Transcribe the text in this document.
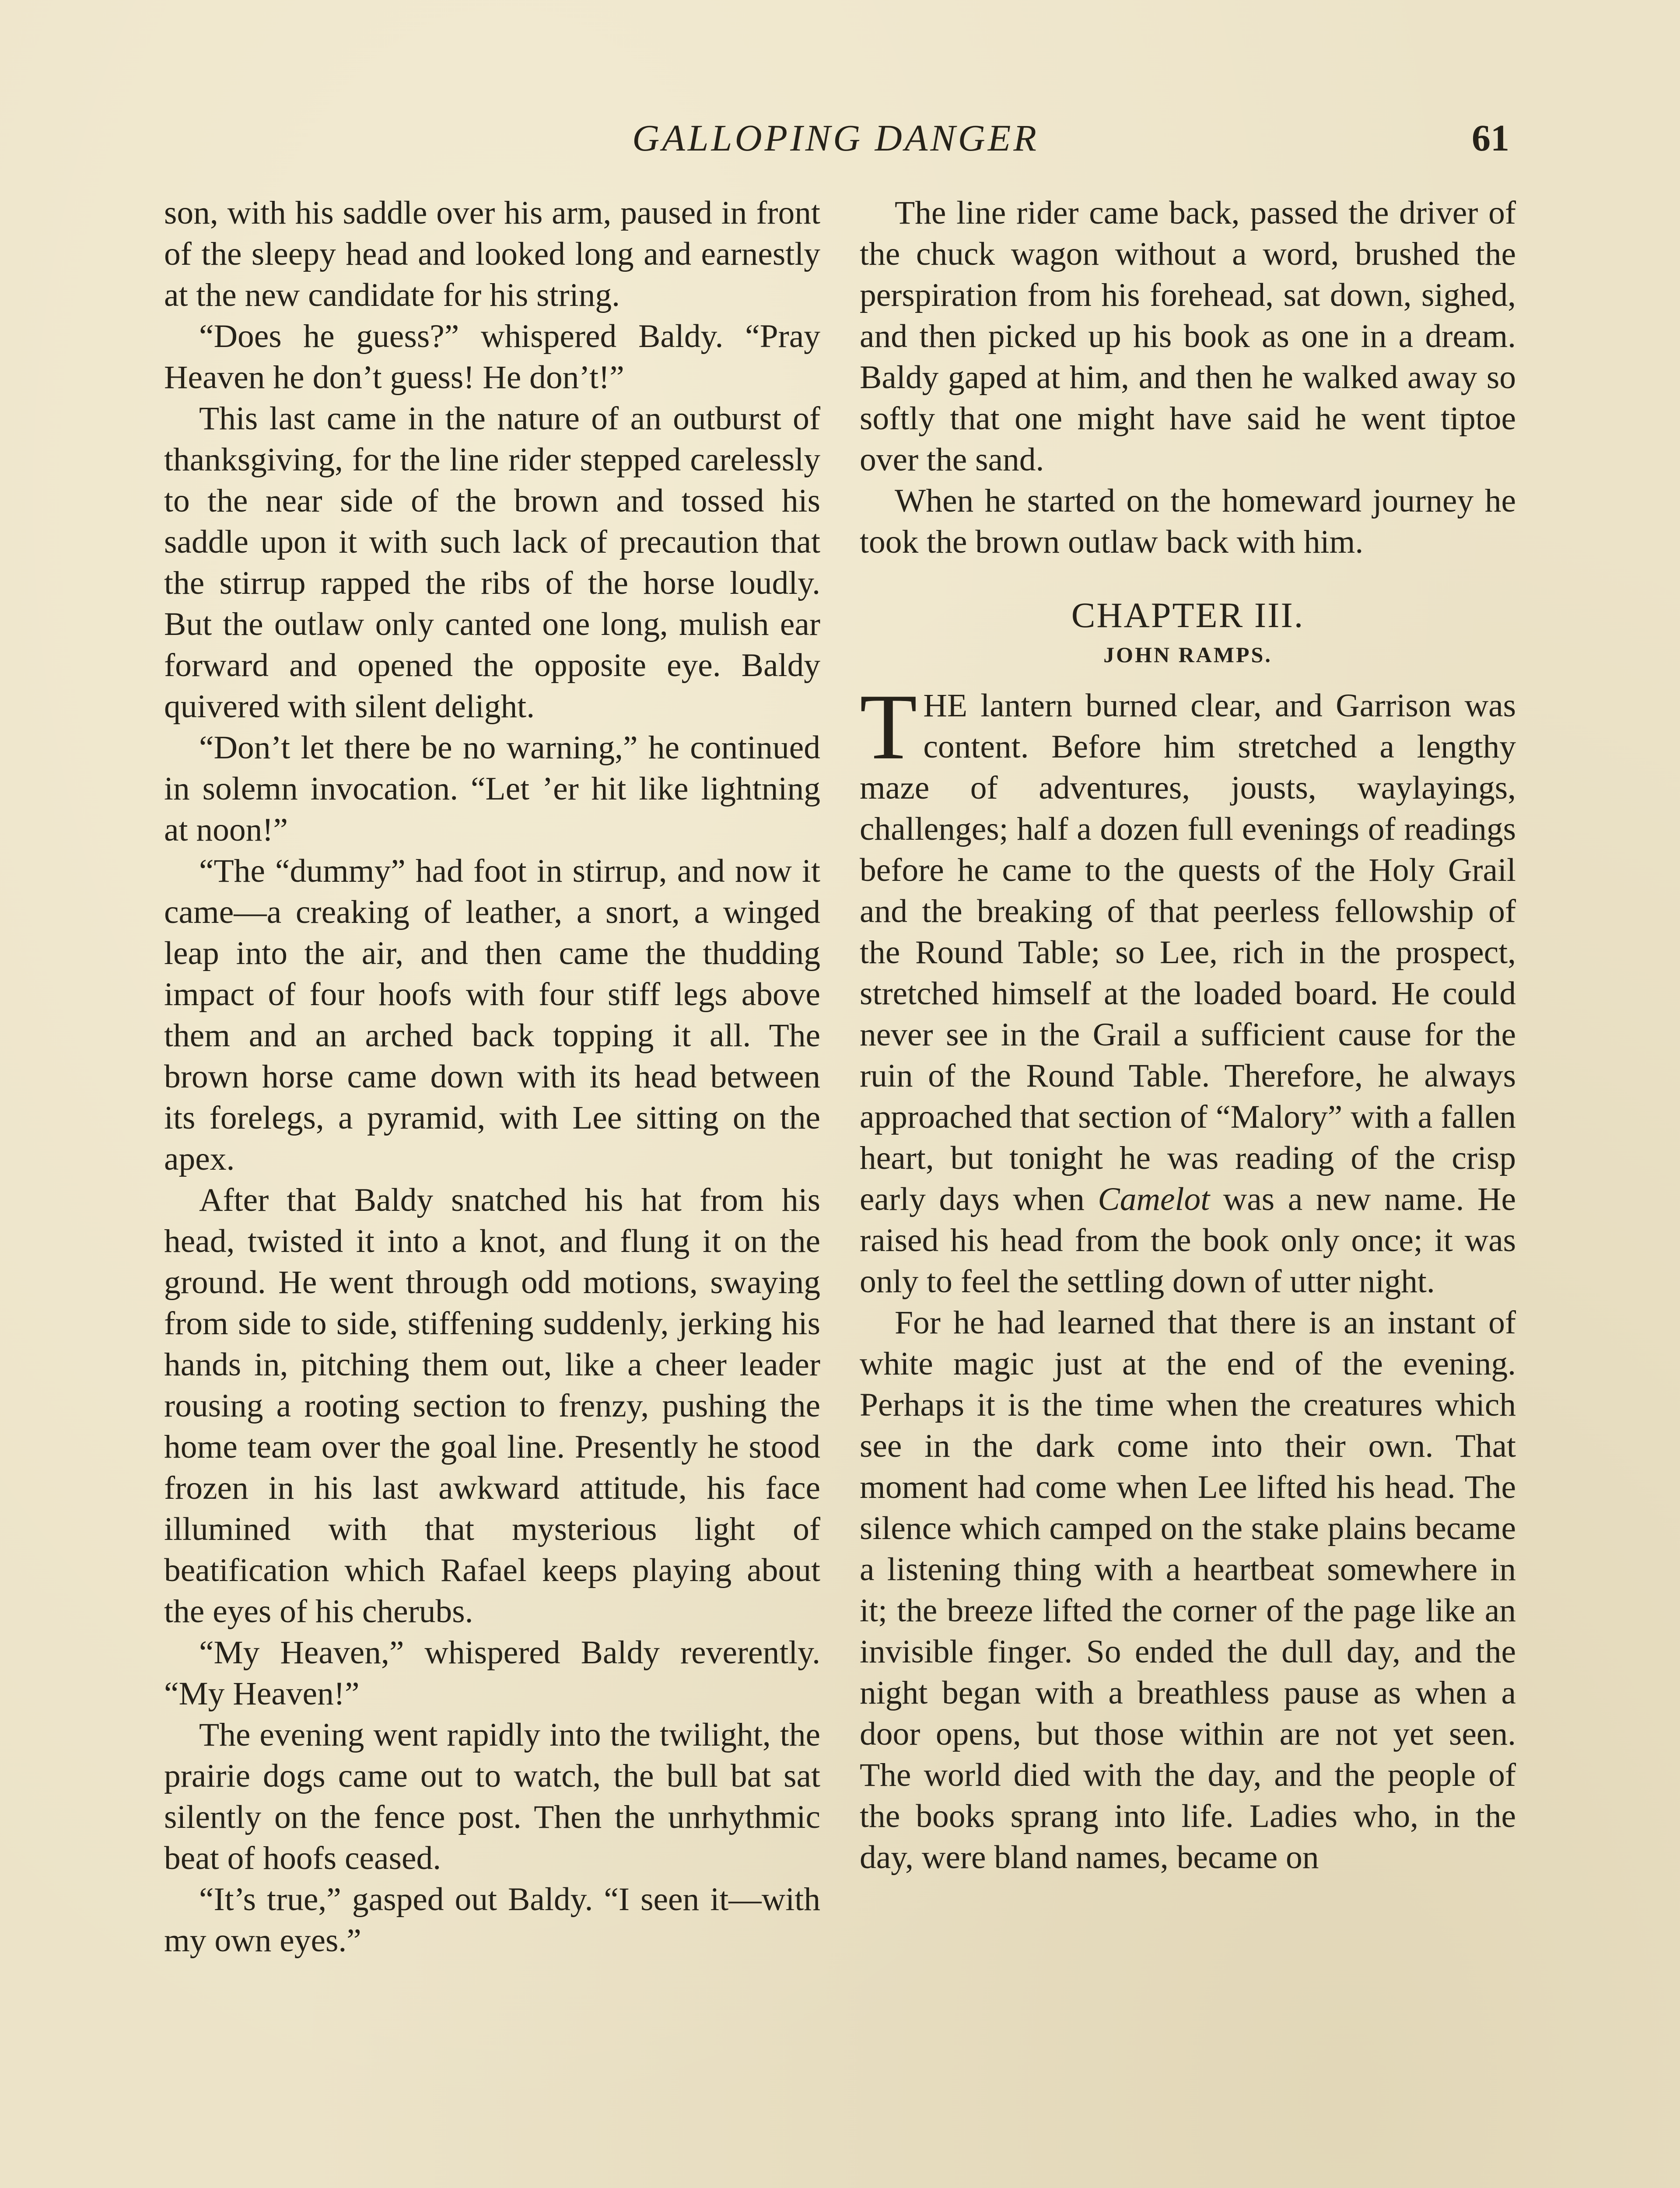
GALLOPING DANGER	61

son, with his saddle over his arm, paused in front of the sleepy head and looked long and earnestly at the new candidate for his string.

“Does he guess?” whispered Baldy. “Pray Heaven he don’t guess! He don’t!”

This last came in the nature of an outburst of thanksgiving, for the line rider stepped carelessly to the near side of the brown and tossed his saddle upon it with such lack of precaution that the stirrup rapped the ribs of the horse loudly. But the outlaw only canted one long, mulish ear forward and opened the opposite eye. Baldy quivered with silent delight.

“Don’t let there be no warning,” he continued in solemn invocation. “Let ’er hit like lightning at noon!”

“The “dummy” had foot in stirrup, and now it came—a creaking of leather, a snort, a winged leap into the air, and then came the thudding impact of four hoofs with four stiff legs above them and an arched back topping it all. The brown horse came down with its head between its forelegs, a pyramid, with Lee sitting on the apex.

After that Baldy snatched his hat from his head, twisted it into a knot, and flung it on the ground. He went through odd motions, swaying from side to side, stiffening suddenly, jerking his hands in, pitching them out, like a cheer leader rousing a rooting section to frenzy, pushing the home team over the goal line. Presently he stood frozen in his last awkward attitude, his face illumined with that mysterious light of beatification which Rafael keeps playing about the eyes of his cherubs.

“My Heaven,” whispered Baldy reverently. “My Heaven!”

The evening went rapidly into the twilight, the prairie dogs came out to watch, the bull bat sat silently on the fence post. Then the unrhythmic beat of hoofs ceased.

“It’s true,” gasped out Baldy. “I seen it—with my own eyes.”

The line rider came back, passed the driver of the chuck wagon without a word, brushed the perspiration from his forehead, sat down, sighed, and then picked up his book as one in a dream. Baldy gaped at him, and then he walked away so softly that one might have said he went tiptoe over the sand.

When he started on the homeward journey he took the brown outlaw back with him.

CHAPTER III.
JOHN RAMPS.

THE lantern burned clear, and Garrison was content. Before him stretched a lengthy maze of adventures, jousts, waylayings, challenges; half a dozen full evenings of readings before he came to the quests of the Holy Grail and the breaking of that peerless fellowship of the Round Table; so Lee, rich in the prospect, stretched himself at the loaded board. He could never see in the Grail a sufficient cause for the ruin of the Round Table. Therefore, he always approached that section of “Malory” with a fallen heart, but tonight he was reading of the crisp early days when Camelot was a new name. He raised his head from the book only once; it was only to feel the settling down of utter night.

For he had learned that there is an instant of white magic just at the end of the evening. Perhaps it is the time when the creatures which see in the dark come into their own. That moment had come when Lee lifted his head. The silence which camped on the stake plains became a listening thing with a heartbeat somewhere in it; the breeze lifted the corner of the page like an invisible finger. So ended the dull day, and the night began with a breathless pause as when a door opens, but those within are not yet seen. The world died with the day, and the people of the books sprang into life. Ladies who, in the day, were bland names, became on
